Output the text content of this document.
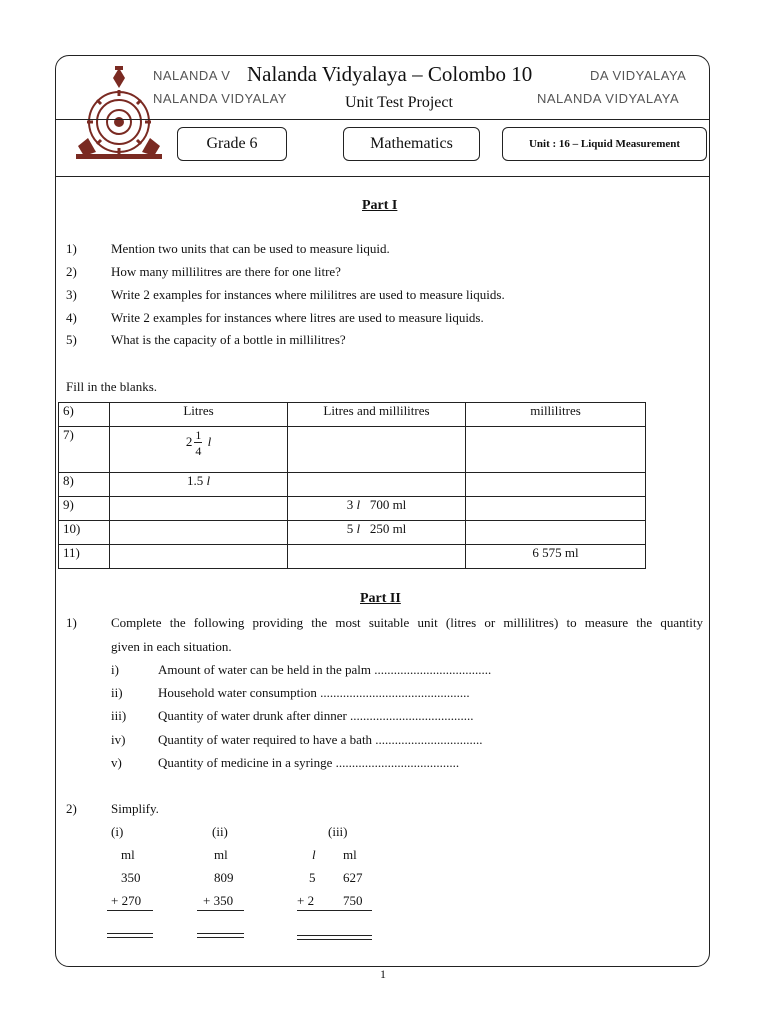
NALANDA V
NALANDA VIDYALAY
DA VIDYALAYA
NALANDA VIDYALAYA
Nalanda Vidyalaya – Colombo 10
Unit Test Project
Grade 6	Mathematics	Unit : 16 – Liquid Measurement
Part I
1)	Mention two units that can be used to measure liquid.
2)	How many millilitres are there for one litre?
3)	Write 2 examples for instances where mililitres are used to measure liquids.
4)	Write 2 examples for instances where litres are used to measure liquids.
5)	What is the capacity of a bottle in millilitres?
Fill in the blanks.
6)	Litres	Litres and millilitres	millilitres
7)	$2 \frac{1}{4}$ l		
8)	1.5 l		
9)		3 l 700 ml	
10)		5 l 250 ml	
11)			6 575 ml
Part II
1)	Complete the following providing the most suitable unit (litres or millilitres) to measure the quantity
given in each situation.
i)	Amount of water can be held in the palm ....................................
ii)	Household water consumption ..............................................
iii) Quantity of water drunk after dinner ......................................
iv)	Quantity of water required to have a bath .................................
v)	Quantity of medicine in a syringe ......................................
2)	Simplify.
(i)
ml
350
+ 270
(ii)
ml
809
+ 350
(iii)
l ml
5 627
+ 2 750
1
